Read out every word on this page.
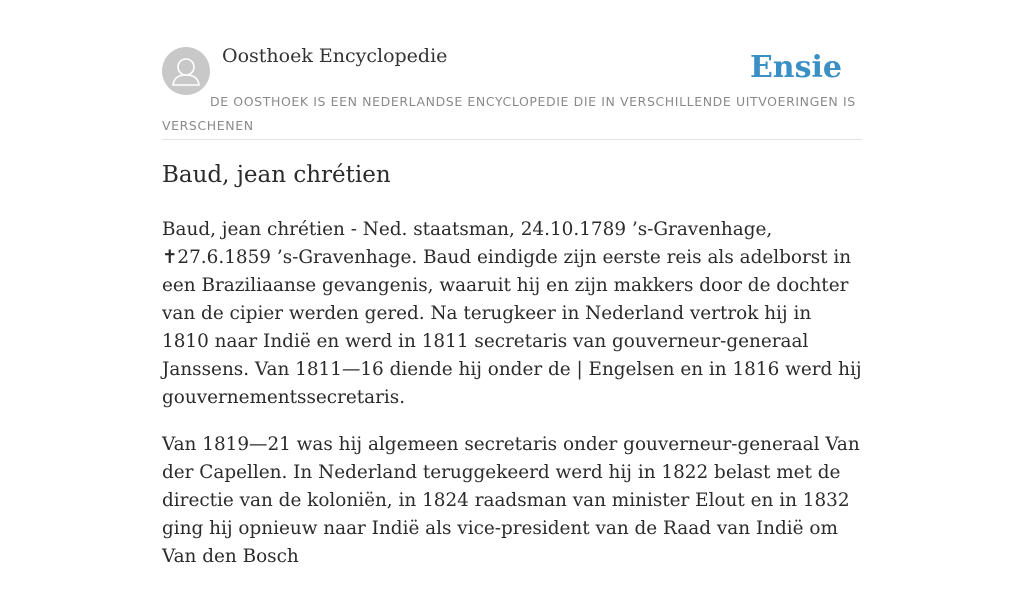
Oosthoek Encyclopedie	Ensie
DE OOSTHOEK IS EEN NEDERLANDSE ENCYCLOPEDIE DIE IN VERSCHILLENDE UITVOERINGEN IS VERSCHENEN
Baud, jean chrétien

Baud, jean chrétien - Ned. staatsman, 24.10.1789 ’s-Gravenhage, ✝27.6.1859 ’s-Gravenhage. Baud eindigde zijn eerste reis als adelborst in een Braziliaanse gevangenis, waaruit hij en zijn makkers door de dochter van de cipier werden gered. Na terugkeer in Nederland vertrok hij in 1810 naar Indië en werd in 1811 secretaris van gouverneur-generaal Janssens. Van 1811—16 diende hij onder de | Engelsen en in 1816 werd hij gouvernementssecretaris.

Van 1819—21 was hij algemeen secretaris onder gouverneur-generaal Van der Capellen. In Nederland teruggekeerd werd hij in 1822 belast met de directie van de koloniën, in 1824 raadsman van minister Elout en in 1832 ging hij opnieuw naar Indië als vice-president van de Raad van Indië om Van den Bosch
